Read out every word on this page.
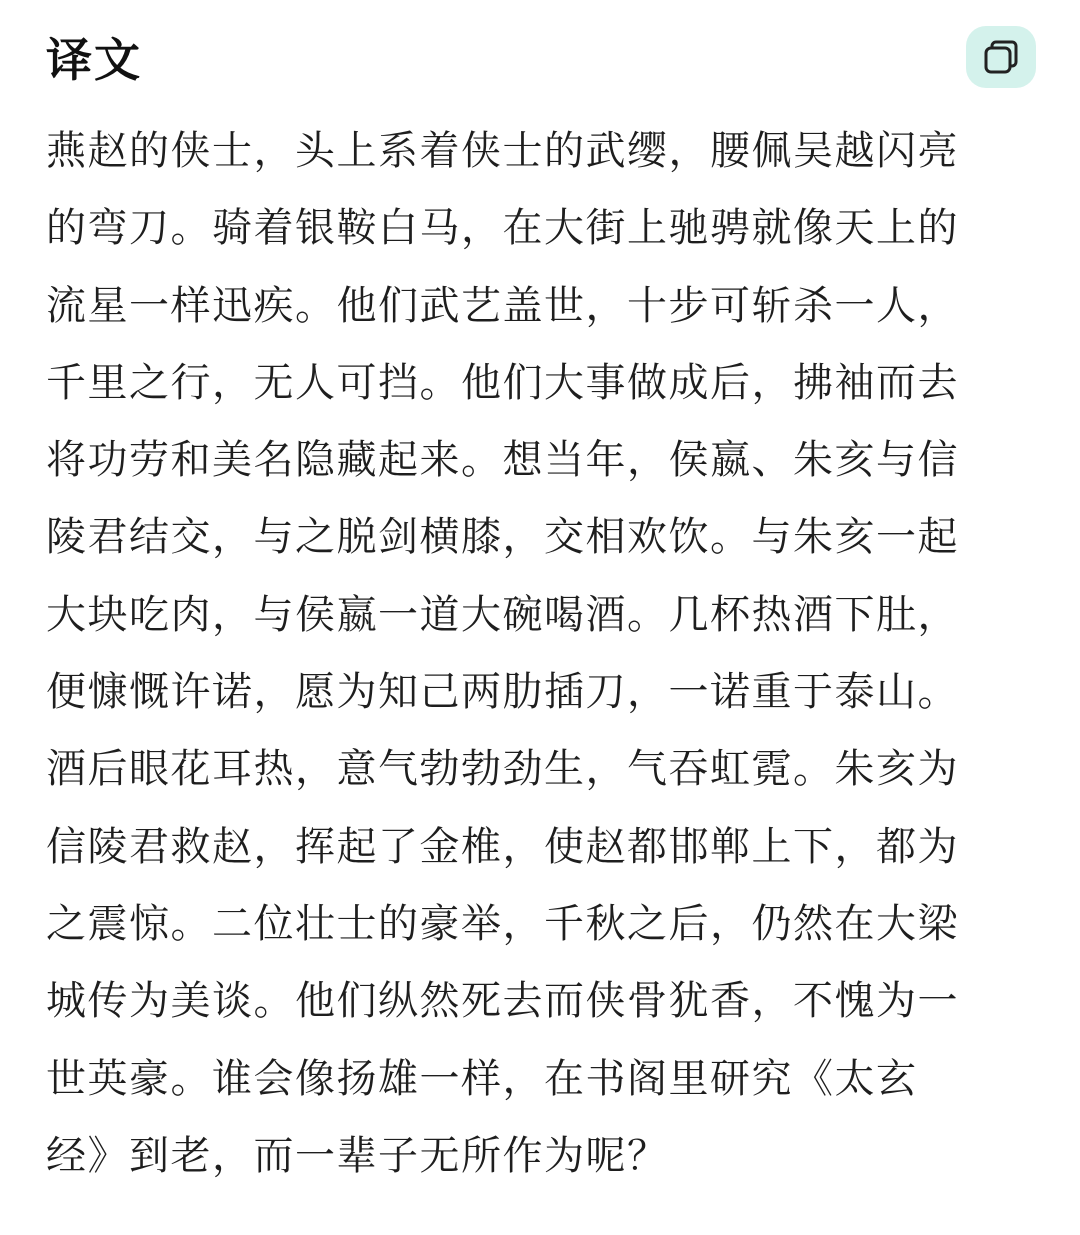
译文
燕赵的侠士，头上系着侠士的武缨，腰佩吴越闪亮
的弯刀。骑着银鞍白马，在大街上驰骋就像天上的
流星一样迅疾。他们武艺盖世，十步可斩杀一人，
千里之行，无人可挡。他们大事做成后，拂袖而去
将功劳和美名隐藏起来。想当年，侯嬴、朱亥与信
陵君结交，与之脱剑横膝，交相欢饮。与朱亥一起
大块吃肉，与侯嬴一道大碗喝酒。几杯热酒下肚，
便慷慨许诺，愿为知己两肋插刀，一诺重于泰山。
酒后眼花耳热，意气勃勃劲生，气吞虹霓。朱亥为
信陵君救赵，挥起了金椎，使赵都邯郸上下，都为
之震惊。二位壮士的豪举，千秋之后，仍然在大梁
城传为美谈。他们纵然死去而侠骨犹香，不愧为一
世英豪。谁会像扬雄一样，在书阁里研究《太玄
经》到老，而一辈子无所作为呢？
